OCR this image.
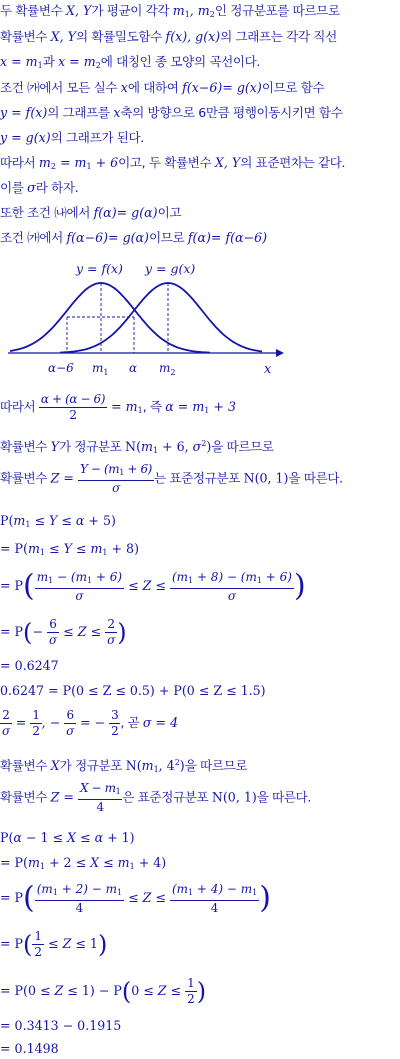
두 확률변수 X, Y가 평균이 각각 $m_1$, $m_2$인 정규분포를 따르므로
확률변수 X, Y의 확률밀도함수 f(x), g(x)의 그래프는 각각 직선
$x = m_1$과 $x = m_2$에 대칭인 종 모양의 곡선이다.
조건 ㈎에서 모든 실수 x에 대하여 f(x−6)= g(x)이므로 함수
y = f(x)의 그래프를 x축의 방향으로 6만큼 평행이동시키면 함수
y = g(x)의 그래프가 된다.
따라서 $m_2 = m_1 + 6$이고, 두 확률변수 X, Y의 표준편차는 같다.
이를 σ라 하자.
또한 조건 ㈏에서 f(α)= g(α)이고
조건 ㈎에서 f(α−6)= g(α)이므로 f(α)= f(α−6)
y = f(x) y = g(x)
α−6 $m_1$ α $m_2$	x
따라서 $\frac{\alpha + (\alpha - 6)}{2} = m_1$, 즉 $\alpha = m_1 + 3$
확률변수 Y가 정규분포 $N(m_1 + 6$, $\sigma^2$)을 따르므로
확률변수 $Z = \frac{Y - (m_1 + 6)}{\sigma}$ 는 표준정규분포 N(0, 1)을 따른다.
$P(m_1 \le Y \le \alpha + 5)$
= $P(m_1 \le Y \le m_1 + 8)$
= $P( \frac{m_1 - (m_1 + 6)}{\sigma} \le Z \le \frac{(m_1 + 8) - (m_1 + 6)}{\sigma}$ )
= $P(- \frac{6}{\sigma} \le Z \le \frac{2}{\sigma}$ )
= 0.6247
0.6247 = P(0 ≤ Z ≤ 0.5) + P(0 ≤ Z ≤ 1.5)
$\frac{2}{\sigma} = \frac{1}{2}$ , − $\frac{6}{\sigma}$ = − $\frac{3}{2}$ , 곧 σ = 4
확률변수 X가 정규분포 $N(m_1$, $4^2$)을 따르므로
확률변수 $Z = \frac{X - m_1}{4}$ 은 표준정규분포 N(0, 1)을 따른다.
P(α − 1 ≤ X ≤ α + 1)
= $P(m_1 + 2 \le X \le m_1 + 4)$
= $P( \frac{(m_1 + 2) - m_1}{4} \le Z \le \frac{(m_1 + 4) - m_1}{4}$ )
= $P( \frac{1}{2} \le Z \le 1)$
= $P(0 \le Z \le 1) - P(0 \le Z \le \frac{1}{2}$ )
= 0.3413 − 0.1915
= 0.1498
